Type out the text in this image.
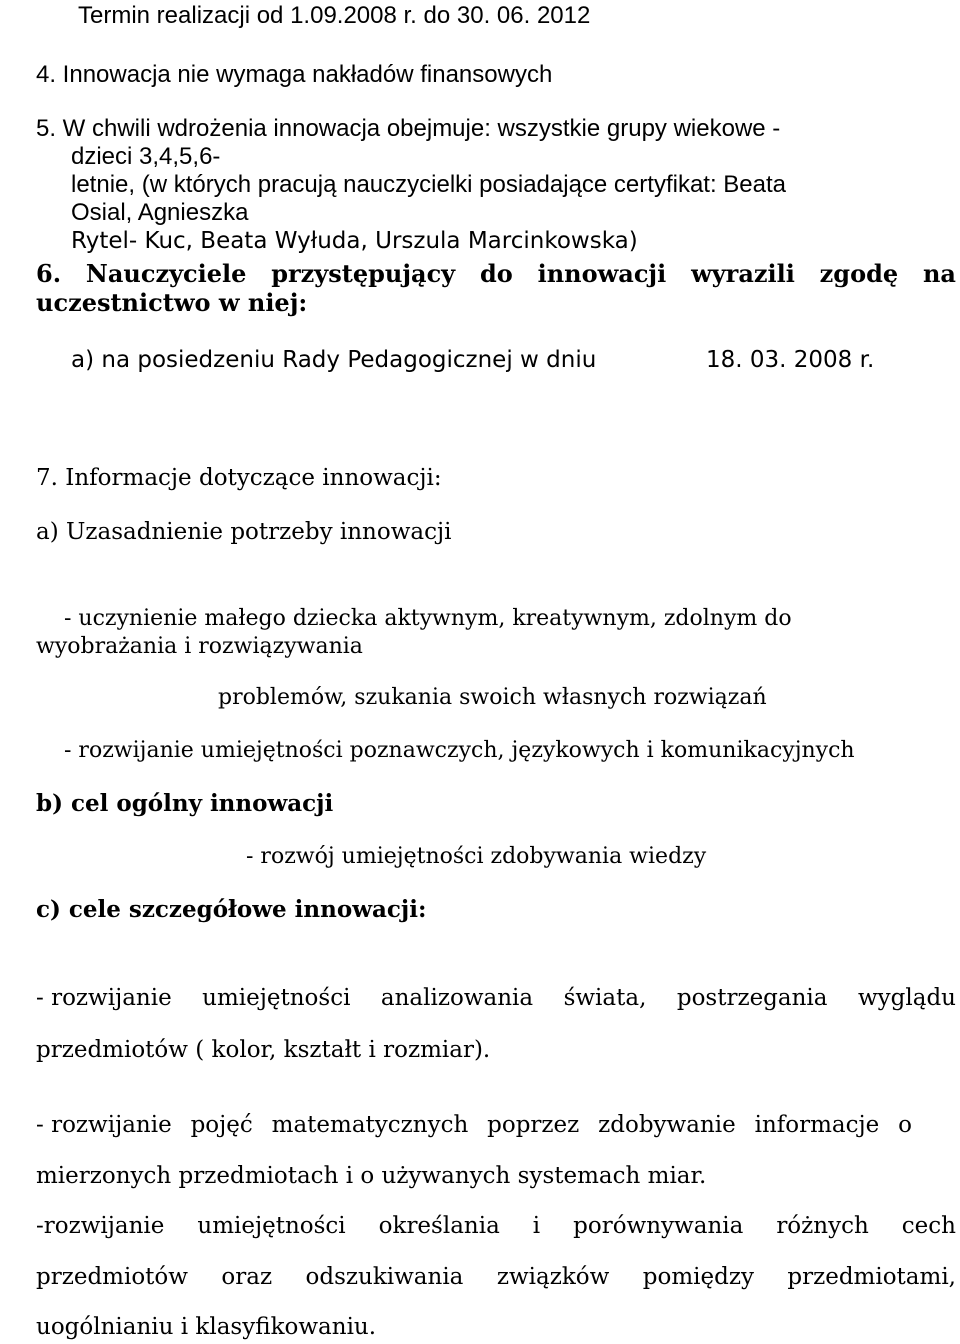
Termin realizacji od 1.09.2008 r. do 30. 06. 2012

4. Innowacja nie wymaga nakładów finansowych

5. W chwili wdrożenia innowacja obejmuje: wszystkie grupy wiekowe -

dzieci 3,4,5,6-

letnie, (w których pracują nauczycielki posiadające certyfikat: Beata

Osial, Agnieszka

Rytel- Kuc, Beata Wyłuda, Urszula Marcinkowska)

6. Nauczyciele przystępujący do innowacji wyrazili zgodę na

uczestnictwo w niej:

a) na posiedzeniu Rady Pedagogicznej w dniu	18. 03. 2008 r.

7. Informacje dotyczące innowacji:

a) Uzasadnienie potrzeby innowacji

- uczynienie małego dziecka aktywnym, kreatywnym, zdolnym do

wyobrażania i rozwiązywania

problemów, szukania swoich własnych rozwiązań

- rozwijanie umiejętności poznawczych, językowych i komunikacyjnych

b) cel ogólny innowacji

- rozwój umiejętności zdobywania wiedzy

c) cele szczegółowe innowacji:

- rozwijanie umiejętności analizowania świata, postrzegania wyglądu

przedmiotów ( kolor, kształt i rozmiar).

- rozwijanie pojęć matematycznych poprzez zdobywanie informacje o

mierzonych przedmiotach i o używanych systemach miar.

-rozwijanie umiejętności określania i porównywania różnych cech
przedmiotów oraz odszukiwania związków pomiędzy przedmiotami,

uogólnianiu i klasyfikowaniu.
